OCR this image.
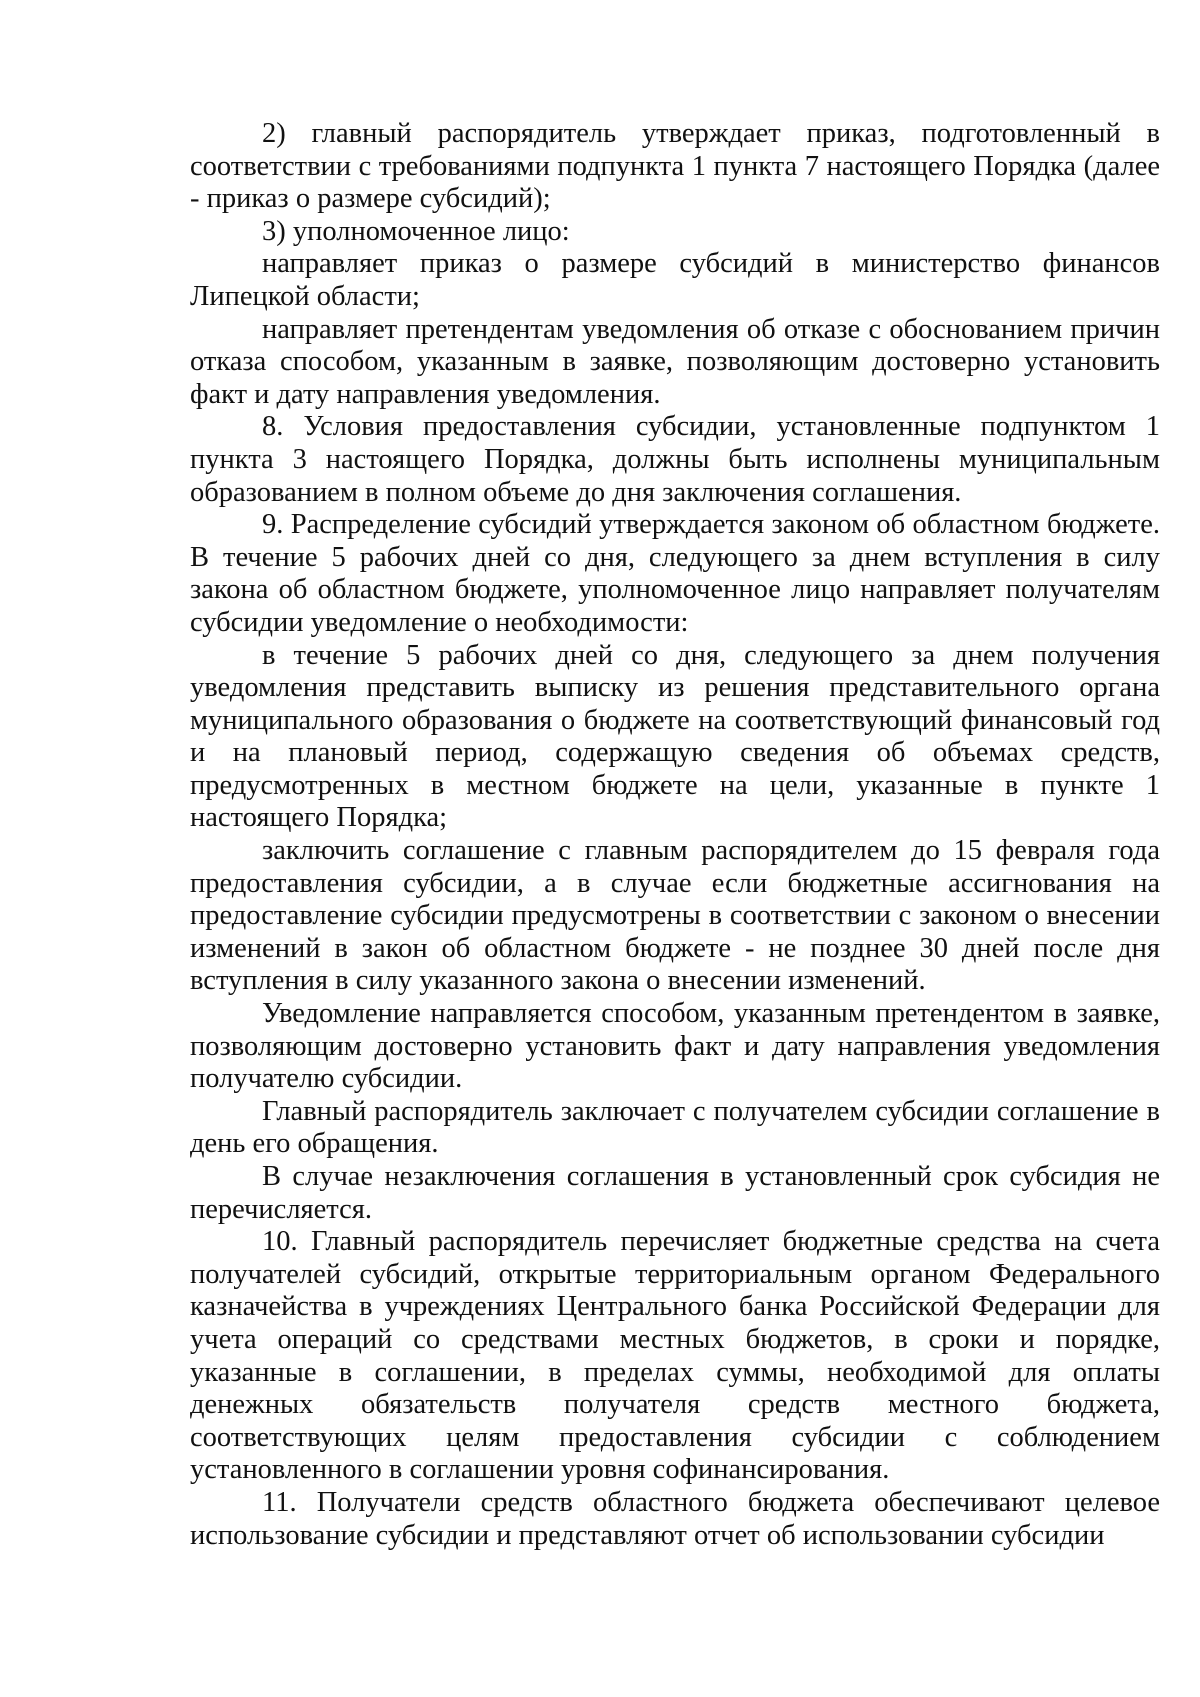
2) главный распорядитель утверждает приказ, подготовленный в соответствии с требованиями подпункта 1 пункта 7 настоящего Порядка (далее - приказ о размере субсидий);

3) уполномоченное лицо:

направляет приказ о размере субсидий в министерство финансов Липецкой области;

направляет претендентам уведомления об отказе с обоснованием причин отказа способом, указанным в заявке, позволяющим достоверно установить факт и дату направления уведомления.

8. Условия предоставления субсидии, установленные подпунктом 1 пункта 3 настоящего Порядка, должны быть исполнены муниципальным образованием в полном объеме до дня заключения соглашения.

9. Распределение субсидий утверждается законом об областном бюджете. В течение 5 рабочих дней со дня, следующего за днем вступления в силу закона об областном бюджете, уполномоченное лицо направляет получателям субсидии уведомление о необходимости:

в течение 5 рабочих дней со дня, следующего за днем получения уведомления представить выписку из решения представительного органа муниципального образования о бюджете на соответствующий финансовый год и на плановый период, содержащую сведения об объемах средств, предусмотренных в местном бюджете на цели, указанные в пункте 1 настоящего Порядка;

заключить соглашение с главным распорядителем до 15 февраля года предоставления субсидии, а в случае если бюджетные ассигнования на предоставление субсидии предусмотрены в соответствии с законом о внесении изменений в закон об областном бюджете - не позднее 30 дней после дня вступления в силу указанного закона о внесении изменений.

Уведомление направляется способом, указанным претендентом в заявке, позволяющим достоверно установить факт и дату направления уведомления получателю субсидии.

Главный распорядитель заключает с получателем субсидии соглашение в день его обращения.

В случае незаключения соглашения в установленный срок субсидия не перечисляется.

10. Главный распорядитель перечисляет бюджетные средства на счета получателей субсидий, открытые территориальным органом Федерального казначейства в учреждениях Центрального банка Российской Федерации для учета операций со средствами местных бюджетов, в сроки и порядке, указанные в соглашении, в пределах суммы, необходимой для оплаты денежных обязательств получателя средств местного бюджета, соответствующих целям предоставления субсидии с соблюдением установленного в соглашении уровня софинансирования.

11. Получатели средств областного бюджета обеспечивают целевое использование субсидии и представляют отчет об использовании субсидии
